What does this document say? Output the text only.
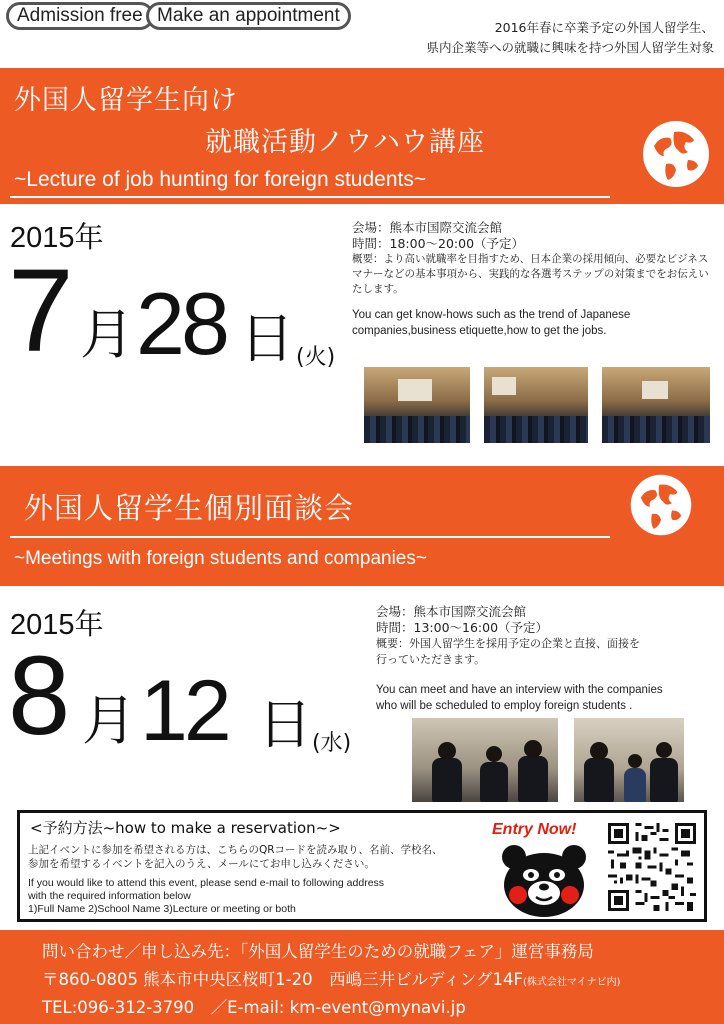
Admission free Make an appointment
2016年春に卒業予定の外国人留学生、
県内企業等への就職に興味を持つ外国人留学生対象
外国人留学生向け
就職活動ノウハウ講座
~Lecture of job hunting for foreign students~
2015年
7 月 28 日 (火)
会場：熊本市国際交流会館
時間：18:00～20:00（予定）
概要：より高い就職率を目指すため、日本企業の採用傾向、必要なビジネスマナーなどの基本事項から、実践的な各選考ステップの対策までをお伝えいたします。
You can get know-hows such as the trend of Japanese companies,business etiquette,how to get the jobs.
外国人留学生個別面談会
~Meetings with foreign students and companies~
2015年
8 月 12 日 (水)
会場：熊本市国際交流会館
時間：13:00～16:00（予定）
概要：外国人留学生を採用予定の企業と直接、面接を
行っていただきます。
You can meet and have an interview with the companies
who will be scheduled to employ foreign students .
<予約方法~how to make a reservation~>
上記イベントに参加を希望される方は、こちらのQRコードを読み取り、名前、学校名、
参加を希望するイベントを記入のうえ、メールにてお申し込みください。
If you would like to attend this event, please send e-mail to following address
with the required information below
1)Full Name 2)School Name 3)Lecture or meeting or both
Entry Now!
問い合わせ／申し込み先：「外国人留学生のための就職フェア」運営事務局
〒860-0805 熊本市中央区桜町1-20　西嶋三井ビルディング14F(株式会社マイナビ内)
TEL:096-312-3790　／E-mail: km-event@mynavi.jp
